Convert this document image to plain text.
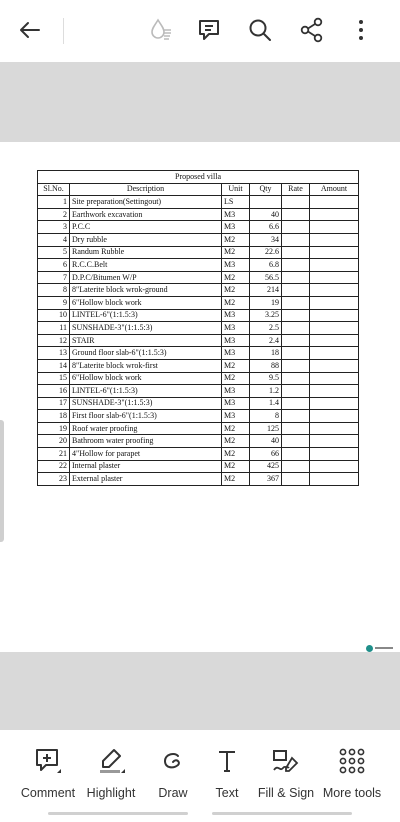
Proposed villa					
Sl.No.	Description	Unit	Qty	Rate	Amount
1	Site preparation(Settingout)	LS			
2	Earthwork excavation	M3	40		
3	P.C.C	M3	6.6		
4	Dry rubble	M2	34		
5	Randum Rubble	M2	22.6		
6	R.C.C.Belt	M3	6.8		
7	D.P.C/Bitumen W/P	M2	56.5		
8	8"Laterite block wrok-ground	M2	214		
9	6"Hollow block work	M2	19		
10	LINTEL-6"(1:1.5:3)	M3	3.25		
11	SUNSHADE-3"(1:1.5:3)	M3	2.5		
12	STAIR	M3	2.4		
13	Ground floor slab-6"(1:1.5:3)	M3	18		
14	8"Laterite block wrok-first	M2	88		
15	6"Hollow block work	M2	9.5		
16	LINTEL-6"(1:1.5:3)	M3	1.2		
17	SUNSHADE-3"(1:1.5:3)	M3	1.4		
18	First floor slab-6"(1:1.5:3)	M3	8		
19	Roof water proofing	M2	125		
20	Bathroom water proofing	M2	40		
21	4"Hollow for parapet	M2	66		
22	Internal plaster	M2	425		
23	External plaster	M2	367		
Comment Highlight	Draw	Text	Fill & Sign More tools
